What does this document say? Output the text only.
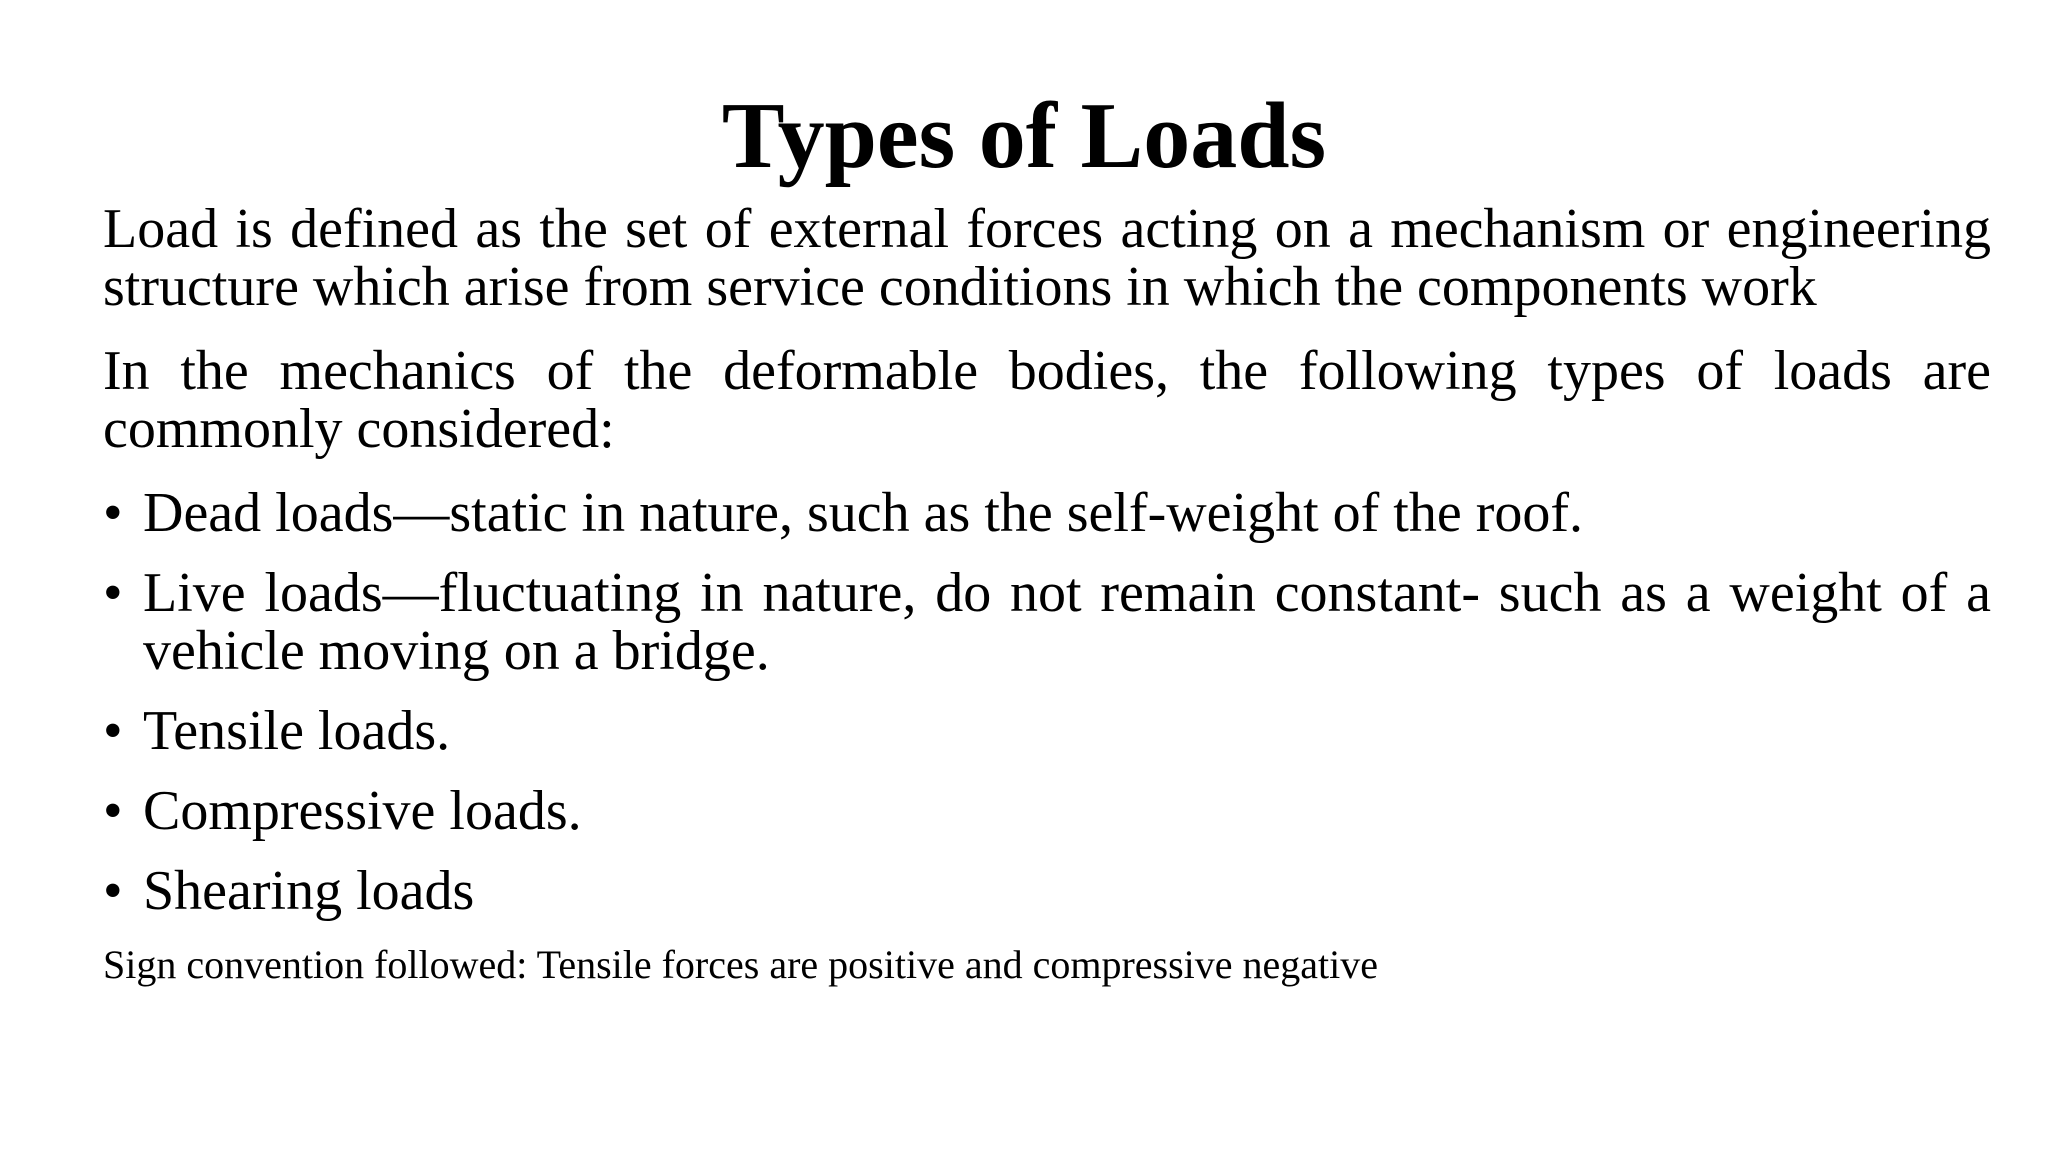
Types of Loads

Load is defined as the set of external forces acting on a mechanism or engineering structure which arise from service conditions in which the components work

In the mechanics of the deformable bodies, the following types of loads are commonly considered:

• Dead loads—static in nature, such as the self-weight of the roof.
• Live loads—fluctuating in nature, do not remain constant- such as a weight of a vehicle moving on a bridge.
• Tensile loads.
• Compressive loads.
• Shearing loads

Sign convention followed: Tensile forces are positive and compressive negative
